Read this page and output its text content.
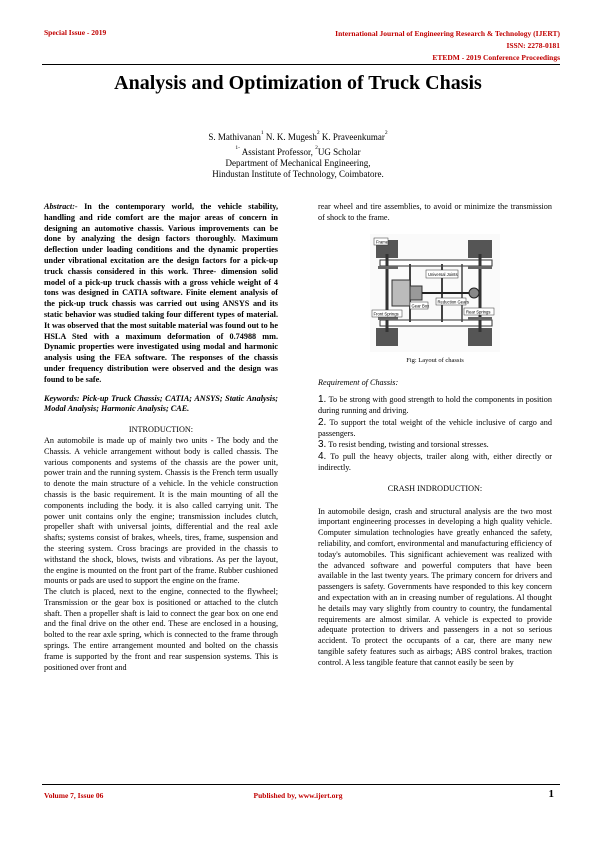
Special Issue - 2019	International Journal of Engineering Research & Technology (IJERT)
ISSN: 2278-0181
ETEDM - 2019 Conference Proceedings
Analysis and Optimization of Truck Chasis
S. Mathivanan$^1$ N. K. Mugesh$^2$ K. Praveenkumar$^2$
$^{1-}$ Assistant Professor, $^2$UG Scholar
Department of Mechanical Engineering,
Hindustan Institute of Technology, Coimbatore.

Abstract:- In the contemporary world, the vehicle stability, handling and ride comfort are the major areas of concern in designing an automotive chassis. Various improvements can be done by analyzing the design factors thoroughly. Maximum deflection under loading conditions and the dynamic properties under vibrational excitation are the design factors for a pick-up truck chassis considered in this work. Three- dimension solid model of a pick-up truck chassis with a gross vehicle weight of 4 tons was designed in CATIA software. Finite element analysis of the pick-up truck chassis was carried out using ANSYS and its static behavior was studied taking four different types of material. It was observed that the most suitable material was found out to he HSLA Sted with a maximum deformation of 0.74988 mm. Dynamic properties were investigated using modal and harmonic analysis using the FEA software. The responses of the chassis under frequency distribution were observed and the design was found to be safe.

Keywords: Pick-up Truck Chassis; CATIA; ANSYS; Static Analysis; Modal Analysis; Harmonic Analysis; CAE.

INTRODUCTION:

An automobile is made up of mainly two units - The body and the Chassis. A vehicle arrangement without body is called chassis. The various components and systems of the chassis are the power unit, power train and the running system. Chassis is the French term usually to denote the main structure of a vehicle. In the vehicle construction chassis is the basic requirement. It is the main mounting of all the components including the body. it is also called carrying unit. The power unit contains only the engine; transmission includes clutch, propeller shaft with universal joints, differential and the real axle shafts; systems consist of brakes, wheels, tires, frame, suspension and the steering system. Cross bracings are provided in the chassis to withstand the shock, blows, twists and vibrations. As per the layout, the engine is mounted on the front part of the frame. Rubber cushioned mounts or pads are used to support the engine on the frame.

The clutch is placed, next to the engine, connected to the flywheel; Transmission or the gear box is positioned or attached to the clutch shaft. Then a propeller shaft is laid to connect the gear box on one end and the final drive on the other end. These are enclosed in a housing, bolted to the rear axle spring, which is connected to the frame through springs. The entire arrangement mounted and bolted on the chassis frame is supported by the front and rear suspension systems. This is positioned over front and

rear wheel and tire assemblies, to avoid or minimize the transmission of shock to the frame.

Universal Joints
Frame
Gear Box
Reduction Gears
Rear Springs
Front Springs

Fig: Layout of chassis

Requirement of Chassis:

1. To be strong with good strength to hold the components in position during running and driving.

2. To support the total weight of the vehicle inclusive of cargo and passengers.

3. To resist bending, twisting and torsional stresses.

4. To pull the heavy objects, trailer along with, either directly or indirectly.

CRASH INDRODUCTION:

In automobile design, crash and structural analysis are the two most important engineering processes in developing a high quality vehicle. Computer simulation technologies have greatly enhanced the safety, reliability, and comfort, environmental and manufacturing efficiency of today's automobiles. This significant achievement was realized with the advanced software and powerful computers that have been available in the last twenty years. The primary concern for drivers and passengers is safety. Governments have responded to this key concern and expectation with an in creasing number of regulations. Al thought he details may vary slightly from country to country, the fundamental requirements are almost similar. A vehicle is expected to provide adequate protection to drivers and passengers in a not so serious accident. To protect the occupants of a car, there are many new tangible safety features such as airbags; ABS control brakes, traction control. A less tangible feature that cannot easily be seen by

Volume 7, Issue 06	Published by, www.ijert.org	1
